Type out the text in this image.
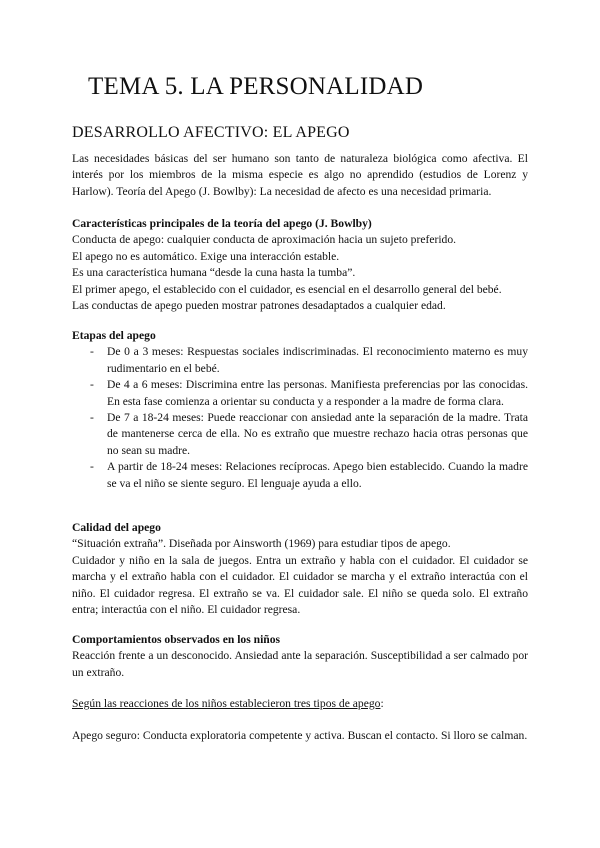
TEMA 5. LA PERSONALIDAD
DESARROLLO AFECTIVO: EL APEGO
Las necesidades básicas del ser humano son tanto de naturaleza biológica como afectiva. El interés por los miembros de la misma especie es algo no aprendido (estudios de Lorenz y Harlow). Teoría del Apego (J. Bowlby): La necesidad de afecto es una necesidad primaria.

Características principales de la teoría del apego (J. Bowlby)

Conducta de apego: cualquier conducta de aproximación hacia un sujeto preferido.

El apego no es automático. Exige una interacción estable.

Es una característica humana “desde la cuna hasta la tumba”.

El primer apego, el establecido con el cuidador, es esencial en el desarrollo general del bebé.

Las conductas de apego pueden mostrar patrones desadaptados a cualquier edad.

Etapas del apego

- De 0 a 3 meses: Respuestas sociales indiscriminadas. El reconocimiento materno es muy rudimentario en el bebé.
- De 4 a 6 meses: Discrimina entre las personas. Manifiesta preferencias por las conocidas. En esta fase comienza a orientar su conducta y a responder a la madre de forma clara.
- De 7 a 18-24 meses: Puede reaccionar con ansiedad ante la separación de la madre. Trata de mantenerse cerca de ella. No es extraño que muestre rechazo hacia otras personas que no sean su madre.
- A partir de 18-24 meses: Relaciones recíprocas. Apego bien establecido. Cuando la madre se va el niño se siente seguro. El lenguaje ayuda a ello.

Calidad del apego

“Situación extraña”. Diseñada por Ainsworth (1969) para estudiar tipos de apego.

Cuidador y niño en la sala de juegos. Entra un extraño y habla con el cuidador. El cuidador se marcha y el extraño habla con el cuidador. El cuidador se marcha y el extraño interactúa con el niño. El cuidador regresa. El extraño se va. El cuidador sale. El niño se queda solo. El extraño entra; interactúa con el niño. El cuidador regresa.

Comportamientos observados en los niños

Reacción frente a un desconocido. Ansiedad ante la separación. Susceptibilidad a ser calmado por un extraño.

Según las reacciones de los niños establecieron tres tipos de apego:
Apego seguro: Conducta exploratoria competente y activa. Buscan el contacto. Si lloro se calman.
